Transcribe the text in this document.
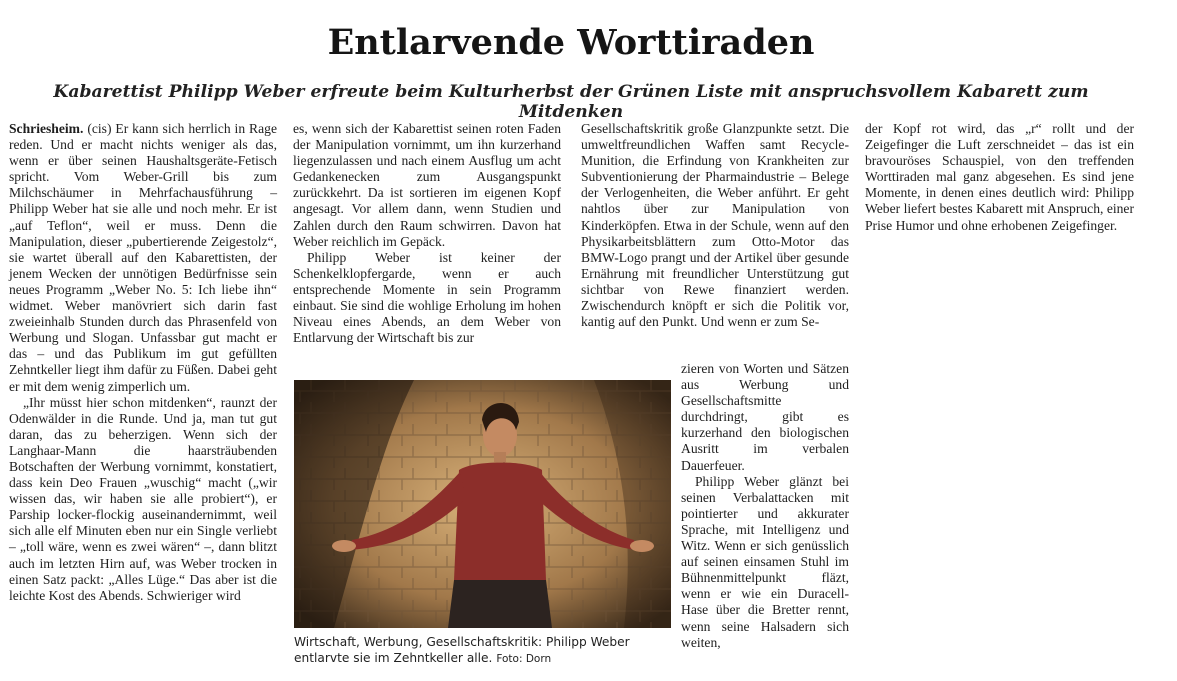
Entlarvende Worttiraden
Kabarettist Philipp Weber erfreute beim Kulturherbst der Grünen Liste mit anspruchsvollem Kabarett zum Mitdenken

Schriesheim. (cis) Er kann sich herrlich in Rage reden. Und er macht nichts weniger als das, wenn er über seinen Haushaltsgeräte-Fetisch spricht. Vom Weber-Grill bis zum Milchschäumer in Mehrfachausführung – Philipp Weber hat sie alle und noch mehr. Er ist „auf Teflon“, weil er muss. Denn die Manipulation, dieser „pubertierende Zeigestolz“, sie wartet überall auf den Kabarettisten, der jenem Wecken der unnötigen Bedürfnisse sein neues Programm „Weber No. 5: Ich liebe ihn“ widmet. Weber manövriert sich darin fast zweieinhalb Stunden durch das Phrasenfeld von Werbung und Slogan. Unfassbar gut macht er das – und das Publikum im gut gefüllten Zehntkeller liegt ihm dafür zu Füßen. Dabei geht er mit dem wenig zimperlich um.

„Ihr müsst hier schon mitdenken“, raunzt der Odenwälder in die Runde. Und ja, man tut gut daran, das zu beherzigen. Wenn sich der Langhaar-Mann die haarsträubenden Botschaften der Werbung vornimmt, konstatiert, dass kein Deo Frauen „wuschig“ macht („wir wissen das, wir haben sie alle probiert“), er Parship locker-flockig auseinandernimmt, weil sich alle elf Minuten eben nur ein Single verliebt – „toll wäre, wenn es zwei wären“ –, dann blitzt auch im letzten Hirn auf, was Weber trocken in einen Satz packt: „Alles Lüge.“ Das aber ist die leichte Kost des Abends. Schwieriger wird

es, wenn sich der Kabarettist seinen roten Faden der Manipulation vornimmt, um ihn kurzerhand liegenzulassen und nach einem Ausflug um acht Gedankenecken zum Ausgangspunkt zurückkehrt. Da ist sortieren im eigenen Kopf angesagt. Vor allem dann, wenn Studien und Zahlen durch den Raum schwirren. Davon hat Weber reichlich im Gepäck.

Philipp Weber ist keiner der Schenkelklopfergarde, wenn er auch entsprechende Momente in sein Programm einbaut. Sie sind die wohlige Erholung im hohen Niveau eines Abends, an dem Weber von Entlarvung der Wirtschaft bis zur

Gesellschaftskritik große Glanzpunkte setzt. Die umweltfreundlichen Waffen samt Recycle-Munition, die Erfindung von Krankheiten zur Subventionierung der Pharmaindustrie – Belege der Verlogenheiten, die Weber anführt. Er geht nahtlos über zur Manipulation von Kinderköpfen. Etwa in der Schule, wenn auf den Physikarbeitsblättern zum Otto-Motor das BMW-Logo prangt und der Artikel über gesunde Ernährung mit freundlicher Unterstützung gut sichtbar von Rewe finanziert werden. Zwischendurch knöpft er sich die Politik vor, kantig auf den Punkt. Und wenn er zum Se-

zieren von Worten und Sätzen aus Werbung und Gesellschaftsmitte durchdringt, gibt es kurzerhand den biologischen Ausritt im verbalen Dauerfeuer.

Philipp Weber glänzt bei seinen Verbalattacken mit pointierter und akkurater Sprache, mit Intelligenz und Witz. Wenn er sich genüsslich auf seinen einsamen Stuhl im Bühnenmittelpunkt fläzt, wenn er wie ein Duracell-Hase über die Bretter rennt, wenn seine Halsadern sich weiten,

der Kopf rot wird, das „r“ rollt und der Zeigefinger die Luft zerschneidet – das ist ein bravouröses Schauspiel, von den treffenden Worttiraden mal ganz abgesehen. Es sind jene Momente, in denen eines deutlich wird: Philipp Weber liefert bestes Kabarett mit Anspruch, einer Prise Humor und ohne erhobenen Zeigefinger.

Wirtschaft, Werbung, Gesellschaftskritik: Philipp Weber entlarvte sie im Zehntkeller alle. Foto: Dorn
